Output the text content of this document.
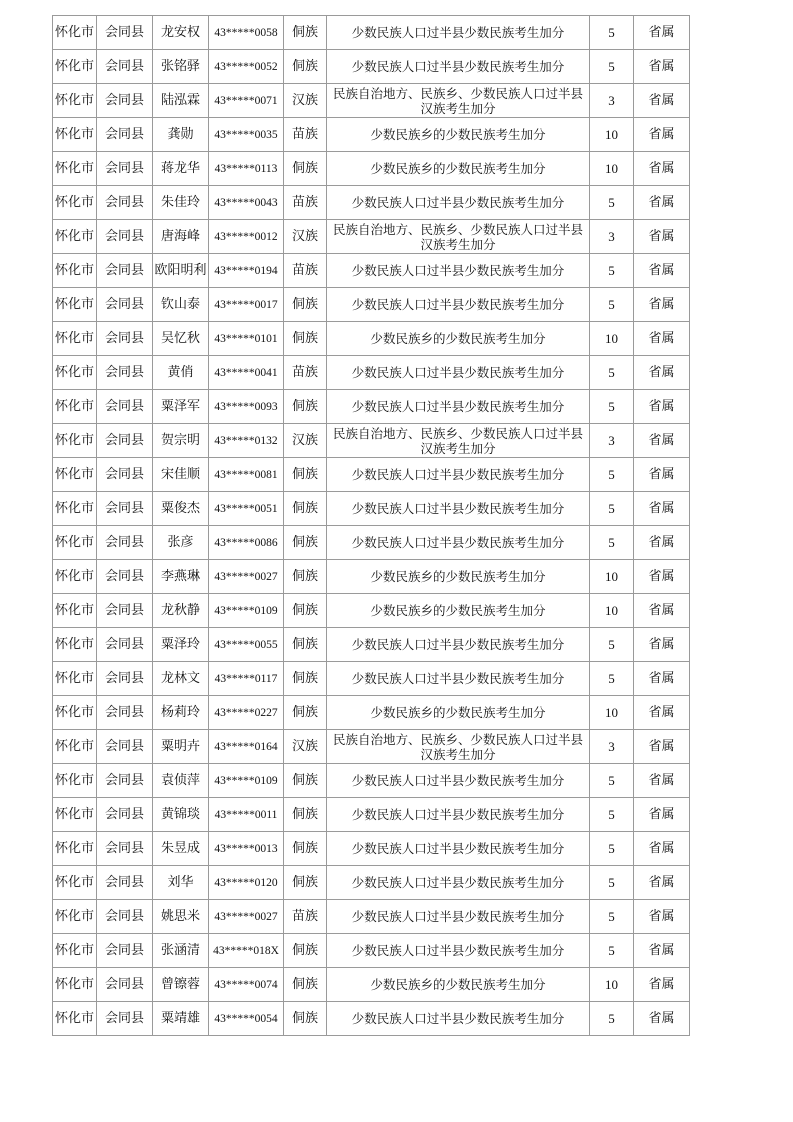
怀化市	会同县	龙安权	43*****0058	侗族	少数民族人口过半县少数民族考生加分	5	省属
怀化市	会同县	张铭驿	43*****0052	侗族	少数民族人口过半县少数民族考生加分	5	省属
怀化市	会同县	陆泓霖	43*****0071	汉族	民族自治地方、民族乡、少数民族人口过半县汉族考生加分	3	省属
怀化市	会同县	龚勋	43*****0035	苗族	少数民族乡的少数民族考生加分	10	省属
怀化市	会同县	蒋龙华	43*****0113	侗族	少数民族乡的少数民族考生加分	10	省属
怀化市	会同县	朱佳玲	43*****0043	苗族	少数民族人口过半县少数民族考生加分	5	省属
怀化市	会同县	唐海峰	43*****0012	汉族	民族自治地方、民族乡、少数民族人口过半县汉族考生加分	3	省属
怀化市	会同县	欧阳明利	43*****0194	苗族	少数民族人口过半县少数民族考生加分	5	省属
怀化市	会同县	钦山泰	43*****0017	侗族	少数民族人口过半县少数民族考生加分	5	省属
怀化市	会同县	吴忆秋	43*****0101	侗族	少数民族乡的少数民族考生加分	10	省属
怀化市	会同县	黄俏	43*****0041	苗族	少数民族人口过半县少数民族考生加分	5	省属
怀化市	会同县	粟泽军	43*****0093	侗族	少数民族人口过半县少数民族考生加分	5	省属
怀化市	会同县	贺宗明	43*****0132	汉族	民族自治地方、民族乡、少数民族人口过半县汉族考生加分	3	省属
怀化市	会同县	宋佳顺	43*****0081	侗族	少数民族人口过半县少数民族考生加分	5	省属
怀化市	会同县	粟俊杰	43*****0051	侗族	少数民族人口过半县少数民族考生加分	5	省属
怀化市	会同县	张彦	43*****0086	侗族	少数民族人口过半县少数民族考生加分	5	省属
怀化市	会同县	李燕琳	43*****0027	侗族	少数民族乡的少数民族考生加分	10	省属
怀化市	会同县	龙秋静	43*****0109	侗族	少数民族乡的少数民族考生加分	10	省属
怀化市	会同县	粟泽玲	43*****0055	侗族	少数民族人口过半县少数民族考生加分	5	省属
怀化市	会同县	龙林文	43*****0117	侗族	少数民族人口过半县少数民族考生加分	5	省属
怀化市	会同县	杨莉玲	43*****0227	侗族	少数民族乡的少数民族考生加分	10	省属
怀化市	会同县	粟明卉	43*****0164	汉族	民族自治地方、民族乡、少数民族人口过半县汉族考生加分	3	省属
怀化市	会同县	袁侦萍	43*****0109	侗族	少数民族人口过半县少数民族考生加分	5	省属
怀化市	会同县	黄锦琰	43*****0011	侗族	少数民族人口过半县少数民族考生加分	5	省属
怀化市	会同县	朱昱成	43*****0013	侗族	少数民族人口过半县少数民族考生加分	5	省属
怀化市	会同县	刘华	43*****0120	侗族	少数民族人口过半县少数民族考生加分	5	省属
怀化市	会同县	姚思米	43*****0027	苗族	少数民族人口过半县少数民族考生加分	5	省属
怀化市	会同县	张涵清	43*****018X	侗族	少数民族人口过半县少数民族考生加分	5	省属
怀化市	会同县	曾镲蓉	43*****0074	侗族	少数民族乡的少数民族考生加分	10	省属
怀化市	会同县	粟靖雄	43*****0054	侗族	少数民族人口过半县少数民族考生加分	5	省属
